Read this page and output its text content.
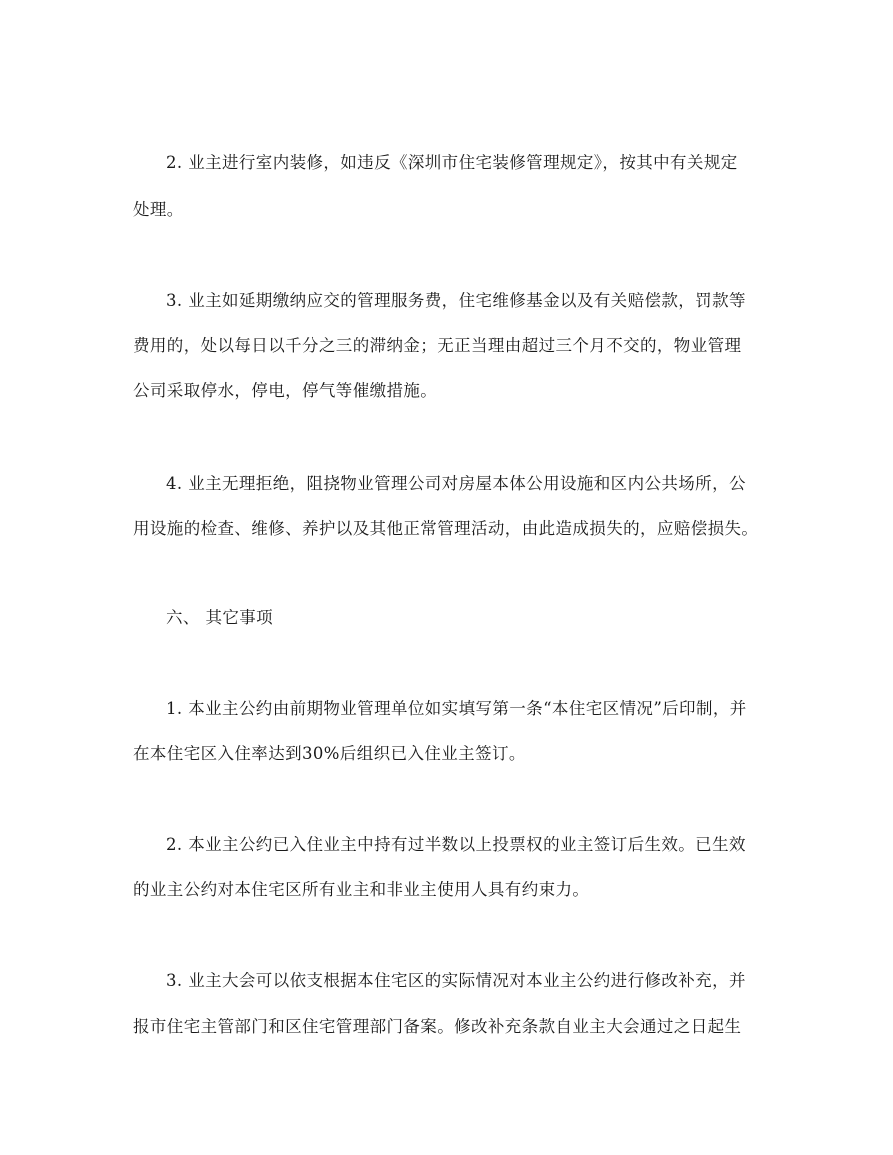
2. 业主进行室内装修，如违反《深圳市住宅装修管理规定》，按其中有关规定
处理。
3. 业主如延期缴纳应交的管理服务费，住宅维修基金以及有关赔偿款，罚款等
费用的，处以每日以千分之三的滞纳金；无正当理由超过三个月不交的，物业管理
公司采取停水，停电，停气等催缴措施。
4. 业主无理拒绝，阻挠物业管理公司对房屋本体公用设施和区内公共场所，公
用设施的检查、维修、养护以及其他正常管理活动，由此造成损失的，应赔偿损失。
六、 其它事项
1. 本业主公约由前期物业管理单位如实填写第一条“本住宅区情况”后印制，并
在本住宅区入住率达到30%后组织已入住业主签订。
2. 本业主公约已入住业主中持有过半数以上投票权的业主签订后生效。已生效
的业主公约对本住宅区所有业主和非业主使用人具有约束力。
3. 业主大会可以依支根据本住宅区的实际情况对本业主公约进行修改补充，并
报市住宅主管部门和区住宅管理部门备案。修改补充条款自业主大会通过之日起生
